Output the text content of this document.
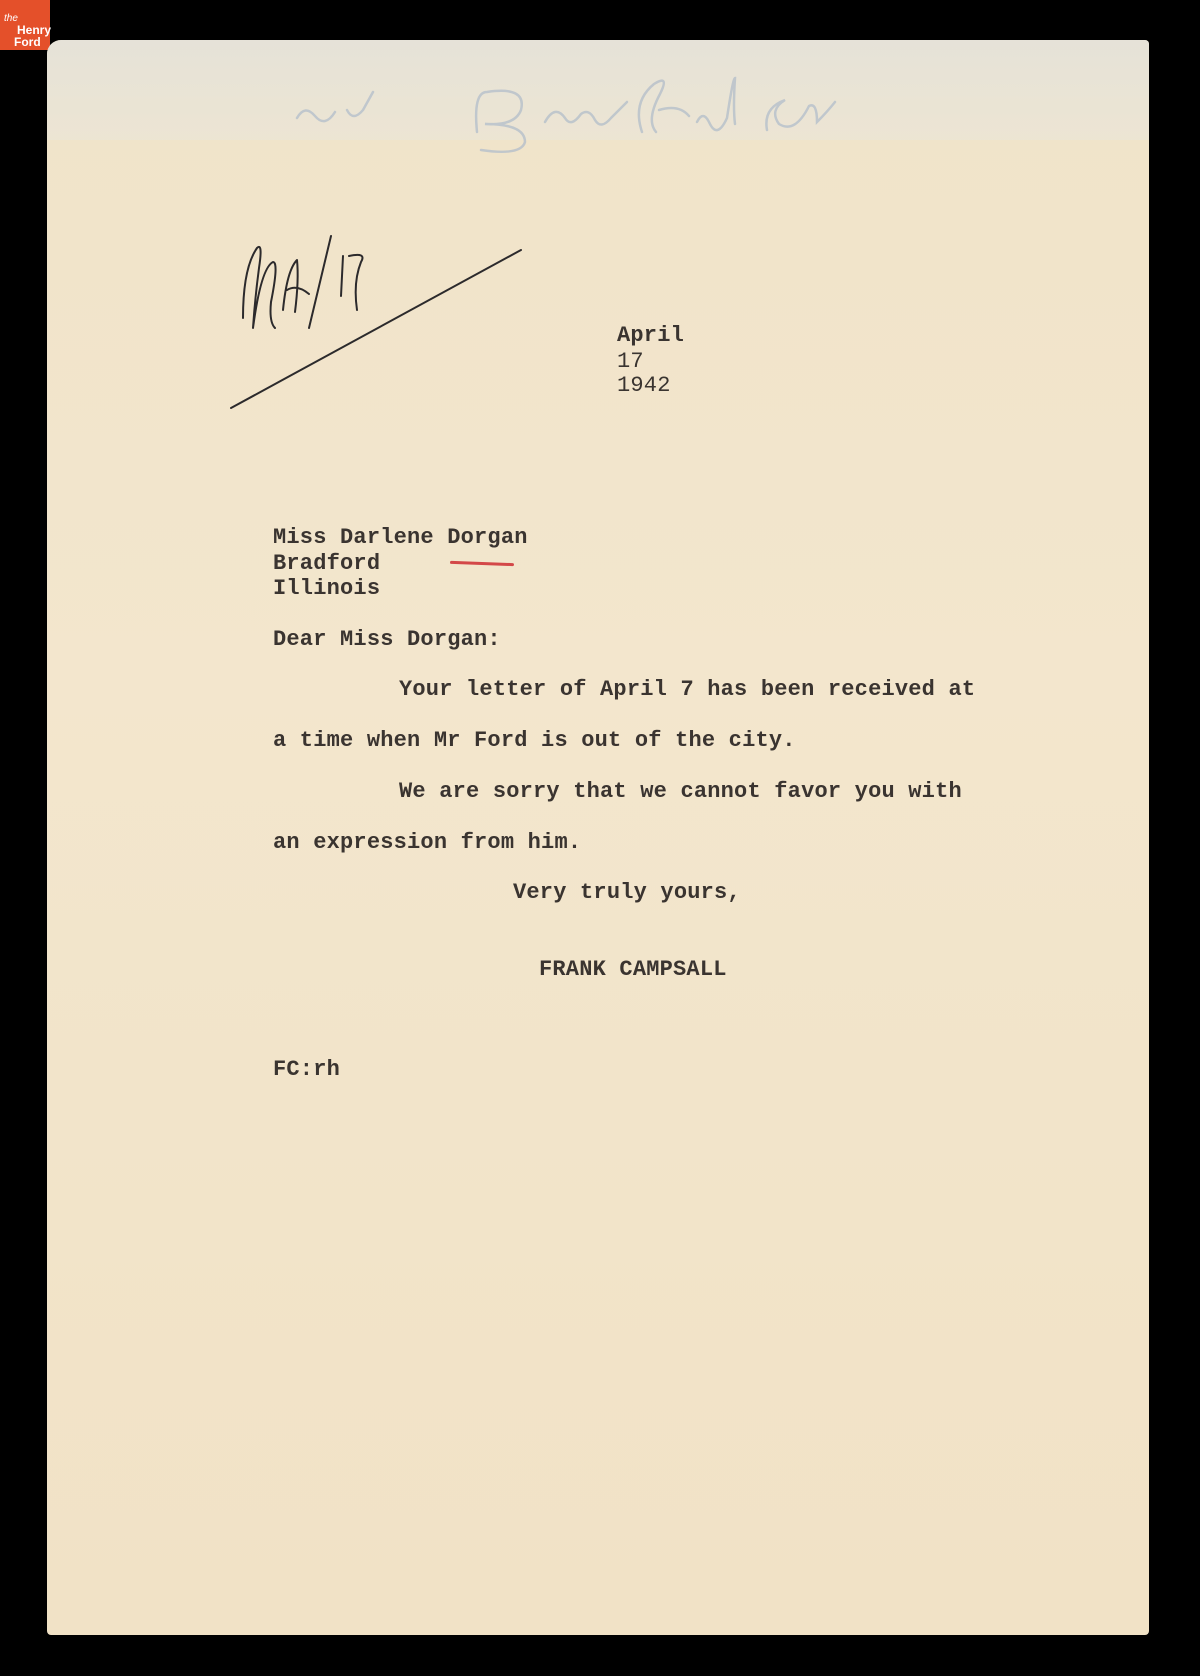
the
Henry
Ford
April
17
1942
Miss Darlene Dorgan
Bradford
Illinois
Dear Miss Dorgan:
Your letter of April 7 has been received at
a time when Mr Ford is out of the city.
We are sorry that we cannot favor you with
an expression from him.
Very truly yours,
FRANK CAMPSALL
FC:rh
